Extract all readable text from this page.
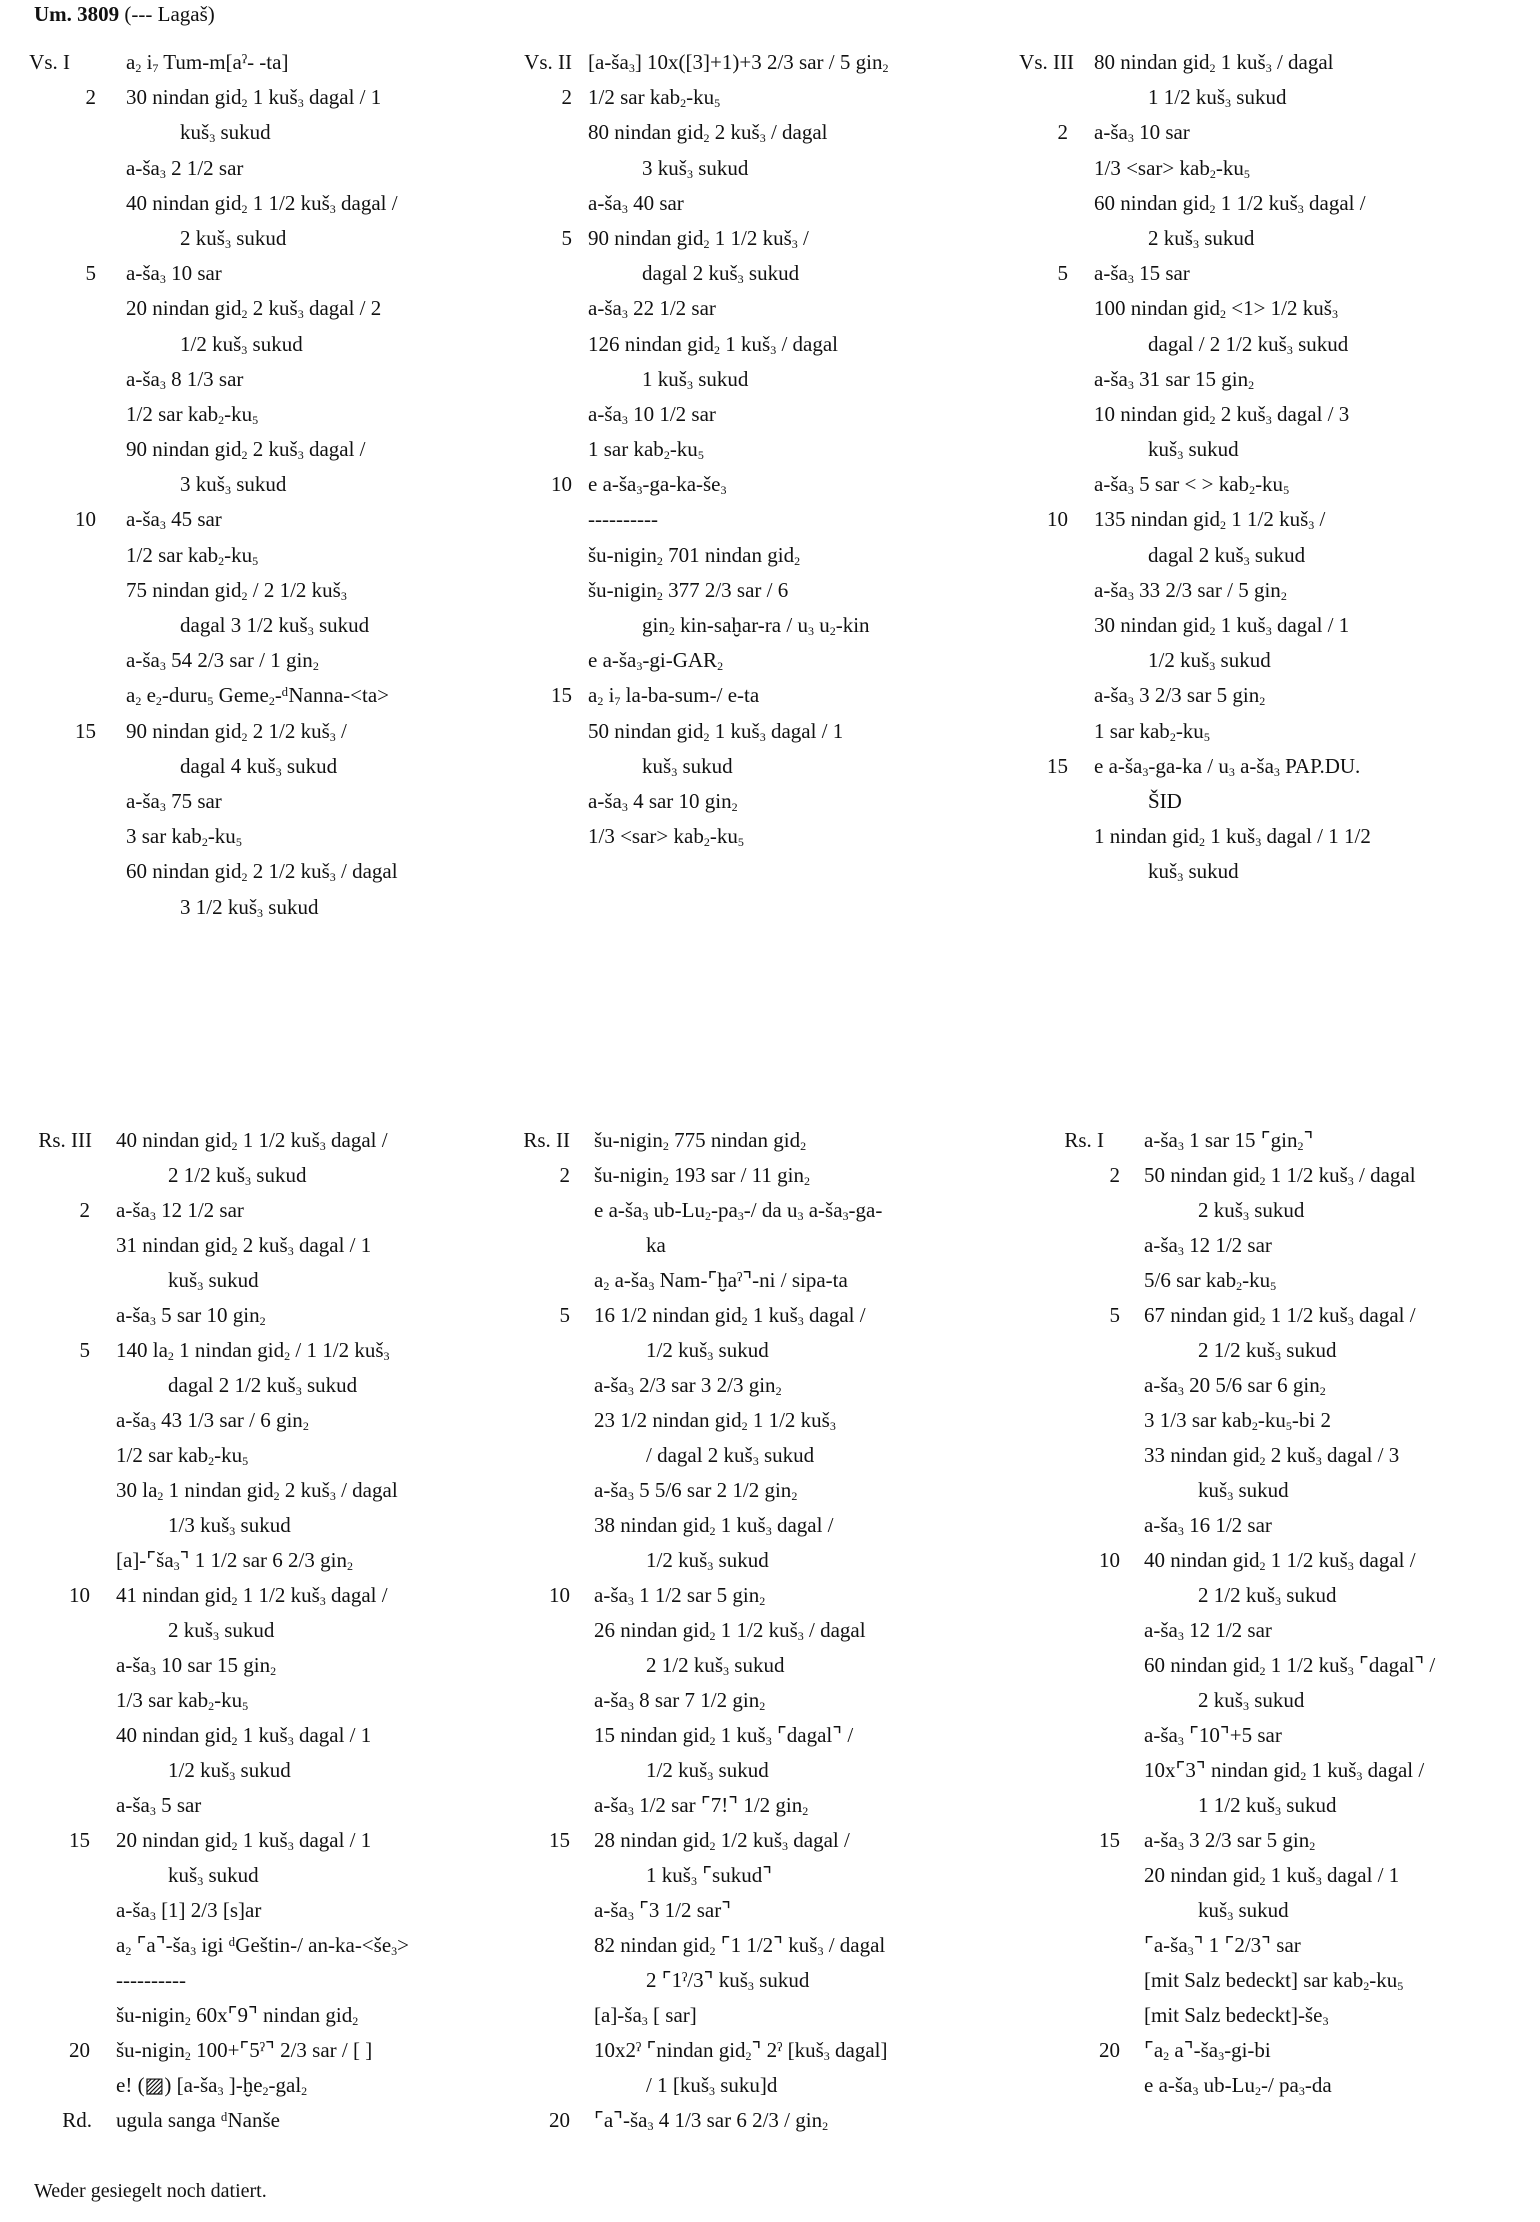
Um. 3809 (--- Lagaš)
Vs. I	$a_2$ $i_7$ Tum-m[aˀ- -ta]
2 30 nindan gid$_2$ 1 kuš$_3$ dagal / 1
kuš$_3$ sukud
$a-ša_3$ 2 1/2 sar
40 nindan gid$_2$ 1 1/2 kuš$_3$ dagal /
2 kuš$_3$ sukud
5 $a-ša_3$ 10 sar
20 nindan gid$_2$ 2 kuš$_3$ dagal / 2
1/2 kuš$_3$ sukud
$a-ša_3$ 8 1/3 sar
1/2 sar $kab_2-ku_5$
90 nindan gid$_2$ 2 kuš$_3$ dagal /
3 kuš$_3$ sukud
10 $a-ša_3$ 45 sar
1/2 sar $kab_2-ku_5$
75 nindan gid$_2$ / 2 1/2 kuš$_3$
dagal 3 1/2 kuš$_3$ sukud
$a-ša_3$ 54 2/3 sar / 1 gin$_2$
$a_2$ $e_2-duru_5$ Geme$_2$-ᵈNanna-<ta>
15 90 nindan gid$_2$ 2 1/2 kuš$_3$ /
dagal 4 kuš$_3$ sukud
$a-ša_3$ 75 sar
3 sar $kab_2-ku_5$
60 nindan gid$_2$ 2 1/2 kuš$_3$ / dagal
3 1/2 kuš$_3$ sukud
Vs. II $[a-ša_3]$ 10x([3]+1)+3 2/3 sar / 5 gin$_2$
2 1/2 sar $kab_2-ku_5$
80 nindan gid$_2$ 2 kuš$_3$ / dagal
3 kuš$_3$ sukud
$a-ša_3$ 40 sar
5 90 nindan gid$_2$ 1 1/2 kuš$_3$ /
dagal 2 kuš$_3$ sukud
$a-ša_3$ 22 1/2 sar
126 nindan gid$_2$ 1 kuš$_3$ / dagal
1 kuš$_3$ sukud
$a-ša_3$ 10 1/2 sar
1 sar $kab_2-ku_5$
10 e $a-ša_3-ga-ka-še_3$
----------
šu-nigin$_2$ 701 nindan gid$_2$
šu-nigin$_2$ 377 2/3 sar / 6
gin$_2$ kin-saḫar-ra / $u_3$ $u_2$-kin
e $a-ša_3-gi-GAR_2$
15 $a_2$ $i_7$ la-ba-sum-/ e-ta
50 nindan gid$_2$ 1 kuš$_3$ dagal / 1
kuš$_3$ sukud
$a-ša_3$ 4 sar 10 gin$_2$
$1/3 <sar> kab_2-ku_5$
Vs. III 80 nindan gid$_2$ 1 kuš$_3$ / dagal
1 1/2 kuš$_3$ sukud
2 $a-ša_3$ 10 sar
$1/3 <sar> kab_2-ku_5$
60 nindan gid$_2$ 1 1/2 kuš$_3$ dagal /
2 kuš$_3$ sukud
5 $a-ša_3$ 15 sar
100 nindan gid$_2$ <1> 1/2 kuš$_3$
dagal / 2 1/2 kuš$_3$ sukud
$a-ša_3$ 31 sar 15 gin$_2$
10 nindan gid$_2$ 2 kuš$_3$ dagal / 3
kuš$_3$ sukud
$a-ša_3$ 5 sar < > $kab_2-ku_5$
10 135 nindan gid$_2$ 1 1/2 kuš$_3$ /
dagal 2 kuš$_3$ sukud
$a-ša_3$ 33 2/3 sar / 5 gin$_2$
30 nindan gid$_2$ 1 kuš$_3$ dagal / 1
1/2 kuš$_3$ sukud
$a-ša_3$ 3 2/3 sar 5 gin$_2$
1 sar $kab_2-ku_5$
15 e $a-ša_3-ga-ka / u_3$ $a-ša_3$ PAP.DU.
ŠID
1 nindan gid$_2$ 1 kuš$_3$ dagal / 1 1/2
kuš$_3$ sukud
Rs. III 40 nindan gid$_2$ 1 1/2 kuš$_3$ dagal /
2 1/2 kuš$_3$ sukud
2 $a-ša_3$ 12 1/2 sar
31 nindan gid$_2$ 2 kuš$_3$ dagal / 1
kuš$_3$ sukud
$a-ša_3$ 5 sar 10 gin$_2$
5 140 $la_2$ 1 nindan gid$_2$ / 1 1/2 kuš$_3$
dagal 2 1/2 kuš$_3$ sukud
$a-ša_3$ 43 1/3 sar / 6 gin$_2$
1/2 sar $kab_2-ku_5$
30 $la_2$ 1 nindan gid$_2$ 2 kuš$_3$ / dagal
1/3 kuš$_3$ sukud
$[a]-⌜ša_3⌝$ 1 1/2 sar 6 2/3 gin$_2$
10 41 nindan gid$_2$ 1 1/2 kuš$_3$ dagal /
2 kuš$_3$ sukud
$a-ša_3$ 10 sar 15 gin$_2$
1/3 sar $kab_2-ku_5$
40 nindan gid$_2$ 1 kuš$_3$ dagal / 1
1/2 kuš$_3$ sukud
$a-ša_3$ 5 sar
15 20 nindan gid$_2$ 1 kuš$_3$ dagal / 1
kuš$_3$ sukud
$a-ša_3$ [1] 2/3 [s]ar
$a_2$ $⌜a⌝-ša_3$ igi ᵈGeštin-/ $an-ka-<še_3>$
----------
šu-nigin$_2$ 60x⌜9⌝ nindan gid$_2$
20 šu-nigin$_2$ 100+⌜5ˀ⌝ 2/3 sar / [ ]
e! (▨) [$a-ša_3$ ]-ḫe$_2$-gal$_2$
Rd. ugula sanga ᵈNanše
Rs. II šu-nigin$_2$ 775 nindan gid$_2$
2 šu-nigin$_2$ 193 sar / 11 gin$_2$
e $a-ša_3$ $ub-Lu_2-pa_3-/$ da $u_3$ $a-ša_3-ga-$
ka
$a_2$ $a-ša_3$ Nam-⌜ḫaˀ⌝-ni / sipa-ta
5 16 1/2 nindan gid$_2$ 1 kuš$_3$ dagal /
1/2 kuš$_3$ sukud
$a-ša_3$ 2/3 sar 3 2/3 gin$_2$
23 1/2 nindan gid$_2$ 1 1/2 kuš$_3$
/ dagal 2 kuš$_3$ sukud
$a-ša_3$ 5 5/6 sar 2 1/2 gin$_2$
38 nindan gid$_2$ 1 kuš$_3$ dagal /
1/2 kuš$_3$ sukud
10 $a-ša_3$ 1 1/2 sar 5 gin$_2$
26 nindan gid$_2$ 1 1/2 kuš$_3$ / dagal
2 1/2 kuš$_3$ sukud
$a-ša_3$ 8 sar 7 1/2 gin$_2$
15 nindan gid$_2$ 1 kuš$_3$ ⌜dagal⌝ /
1/2 kuš$_3$ sukud
$a-ša_3$ 1/2 sar ⌜7!⌝ 1/2 gin$_2$
15 28 nindan gid$_2$ 1/2 kuš$_3$ dagal /
1 kuš$_3$ ⌜sukud⌝
$a-ša_3$ ⌜3 1/2 sar⌝
82 nindan gid$_2$ ⌜1 1/2⌝ kuš$_3$ / dagal
2 ⌜1ˀ/3⌝ kuš$_3$ sukud
$[a]-ša_3$ [ sar]
10x2ˀ ⌜nindan gid$_2$⌝ 2ˀ [kuš$_3$ dagal]
/ 1 [kuš$_3$ suku]d
20 $⌜a⌝-ša_3$ 4 1/3 sar 6 2/3 / gin$_2$
Rs. I $a-ša_3$ 1 sar 15 ⌜gin$_2$⌝
2 50 nindan gid$_2$ 1 1/2 kuš$_3$ / dagal
2 kuš$_3$ sukud
$a-ša_3$ 12 1/2 sar
5/6 sar $kab_2-ku_5$
5 67 nindan gid$_2$ 1 1/2 kuš$_3$ dagal /
2 1/2 kuš$_3$ sukud
$a-ša_3$ 20 5/6 sar 6 gin$_2$
3 1/3 sar $kab_2-ku_5-bi$ 2
33 nindan gid$_2$ 2 kuš$_3$ dagal / 3
kuš$_3$ sukud
$a-ša_3$ 16 1/2 sar
10 40 nindan gid$_2$ 1 1/2 kuš$_3$ dagal /
2 1/2 kuš$_3$ sukud
$a-ša_3$ 12 1/2 sar
60 nindan gid$_2$ 1 1/2 kuš$_3$ ⌜dagal⌝ /
2 kuš$_3$ sukud
$a-ša_3$ ⌜10⌝+5 sar
10x⌜3⌝ nindan gid$_2$ 1 kuš$_3$ dagal /
1 1/2 kuš$_3$ sukud
15 $a-ša_3$ 3 2/3 sar 5 gin$_2$
20 nindan gid$_2$ 1 kuš$_3$ dagal / 1
kuš$_3$ sukud
$⌜a-ša_3⌝$ 1 ⌜2/3⌝ sar
[mit Salz bedeckt] sar $kab_2-ku_5$
[mit Salz $bedeckt]-še_3$
20 $⌜a_2$ $a⌝-ša_3-gi-bi$
e $a-ša_3$ $ub-Lu_2-/$ $pa_3-da$
Weder gesiegelt noch datiert.
